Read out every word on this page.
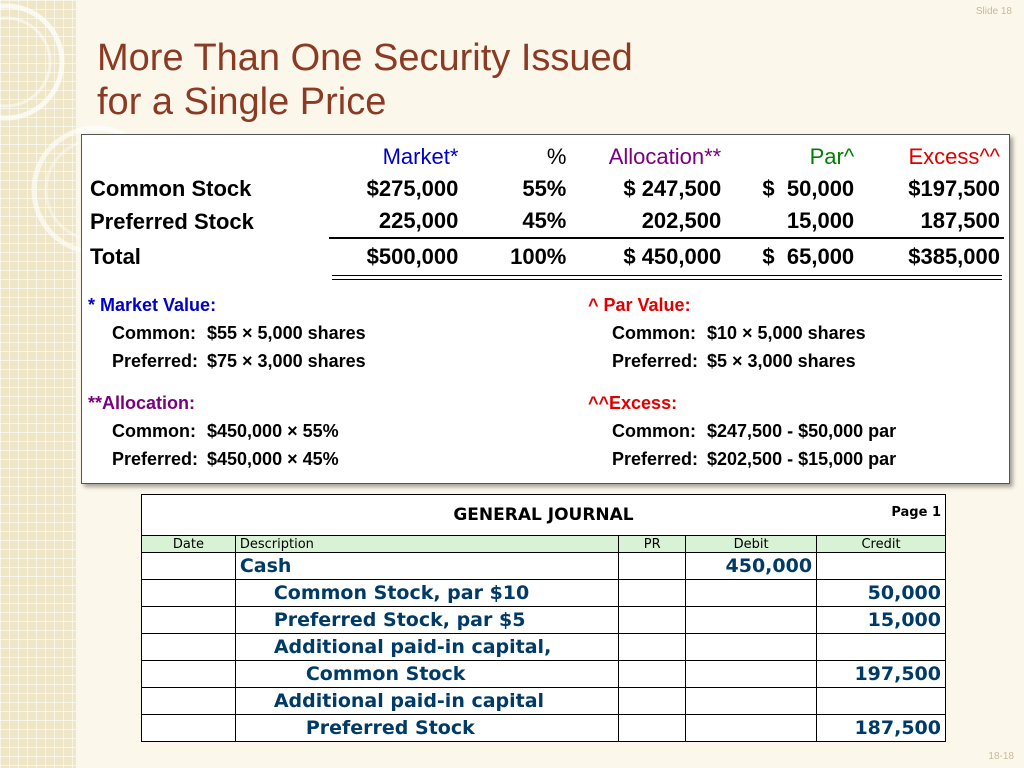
Slide 18
More Than One Security Issued
for a Single Price
	Market*	%	Allocation**	Par^	Excess^^
Common Stock	$275,000	55%	$ 247,500	$  50,000	$197,500
Preferred Stock	225,000	45%	202,500	15,000	187,500
Total	$500,000	100%	$ 450,000	$  65,000	$385,000
* Market Value:
Common: $55 × 5,000 shares
Preferred: $75 × 3,000 shares
**Allocation:
Common: $450,000 × 55%
Preferred: $450,000 × 45%
^ Par Value:
Common: $10 × 5,000 shares
Preferred: $5 × 3,000 shares
^^Excess:
Common: $247,500 - $50,000 par
Preferred: $202,500 - $15,000 par
GENERAL JOURNAL Page 1				

Date	Description	PR	Debit	Credit
	Cash		450,000	
	Common Stock, par $10			50,000
	Preferred Stock, par $5			15,000
	Additional paid-in capital,			
	Common Stock			197,500
	Additional paid-in capital			
	Preferred Stock			187,500
18-18
